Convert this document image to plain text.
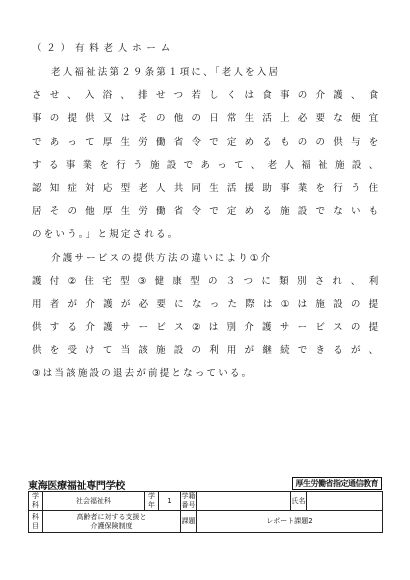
（２）有料老人ホーム
老人福祉法第２９条第１項に、「老人を入居
させ、入浴、排せつ若しくは食事の介護、食
事の提供又はその他の日常生活上必要な便宜
であって厚生労働省令で定めるものの供与を
する事業を行う施設であって、老人福祉施設、
認知症対応型老人共同生活援助事業を行う住
居その他厚生労働省令で定める施設でないも
のをいう。」と規定される。
介護サービスの提供方法の違いにより①介
護付②住宅型③健康型の３つに類別され、利
用者が介護が必要になった際は①は施設の提
供する介護サービス②は別介護サービスの提
供を受けて当該施設の利用が継続できるが、
③は当該施設の退去が前提となっている。
東海医療福祉専門学校	厚生労働省指定通信教育
学科	社会福祉科	学年	1	学籍番号		氏名	
科目	高齢者に対する支援と
介護保険制度			課題	レポート課題2		
